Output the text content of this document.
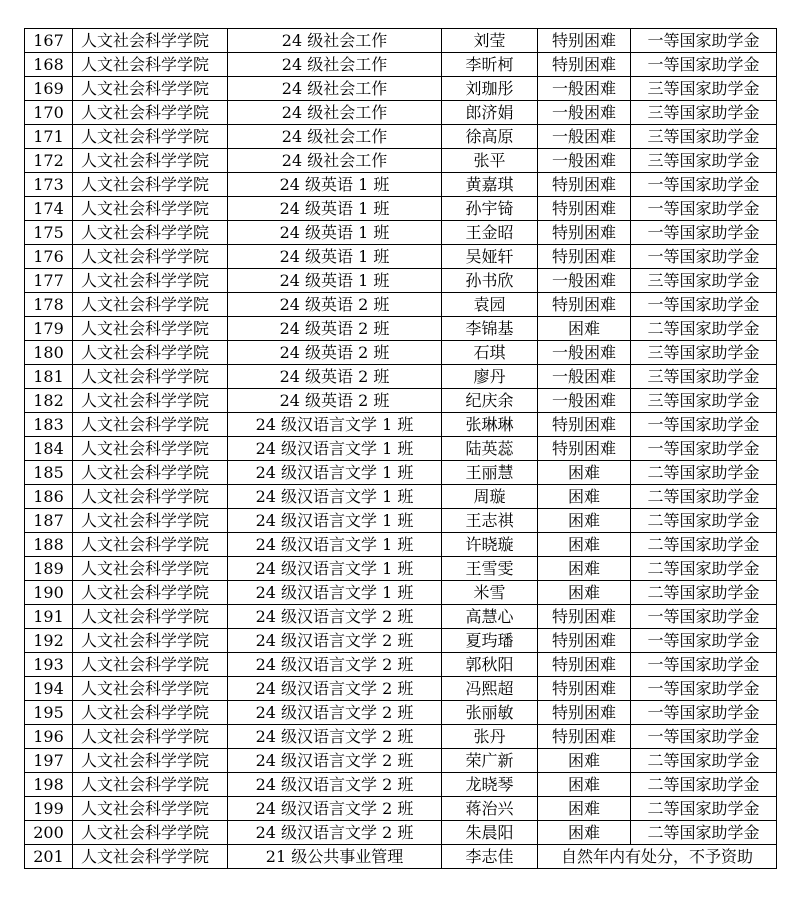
167	人文社会科学学院	24 级社会工作	刘莹	特别困难	一等国家助学金
168	人文社会科学学院	24 级社会工作	李昕柯	特别困难	一等国家助学金
169	人文社会科学学院	24 级社会工作	刘珈彤	一般困难	三等国家助学金
170	人文社会科学学院	24 级社会工作	郎济娟	一般困难	三等国家助学金
171	人文社会科学学院	24 级社会工作	徐高原	一般困难	三等国家助学金
172	人文社会科学学院	24 级社会工作	张平	一般困难	三等国家助学金
173	人文社会科学学院	24 级英语 1 班	黄嘉琪	特别困难	一等国家助学金
174	人文社会科学学院	24 级英语 1 班	孙宇锜	特别困难	一等国家助学金
175	人文社会科学学院	24 级英语 1 班	王金昭	特别困难	一等国家助学金
176	人文社会科学学院	24 级英语 1 班	吴娅轩	特别困难	一等国家助学金
177	人文社会科学学院	24 级英语 1 班	孙书欣	一般困难	三等国家助学金
178	人文社会科学学院	24 级英语 2 班	袁园	特别困难	一等国家助学金
179	人文社会科学学院	24 级英语 2 班	李锦基	困难	二等国家助学金
180	人文社会科学学院	24 级英语 2 班	石琪	一般困难	三等国家助学金
181	人文社会科学学院	24 级英语 2 班	廖丹	一般困难	三等国家助学金
182	人文社会科学学院	24 级英语 2 班	纪庆余	一般困难	三等国家助学金
183	人文社会科学学院	24 级汉语言文学 1 班	张琳琳	特别困难	一等国家助学金
184	人文社会科学学院	24 级汉语言文学 1 班	陆英蕊	特别困难	一等国家助学金
185	人文社会科学学院	24 级汉语言文学 1 班	王丽慧	困难	二等国家助学金
186	人文社会科学学院	24 级汉语言文学 1 班	周璇	困难	二等国家助学金
187	人文社会科学学院	24 级汉语言文学 1 班	王志祺	困难	二等国家助学金
188	人文社会科学学院	24 级汉语言文学 1 班	许晓璇	困难	二等国家助学金
189	人文社会科学学院	24 级汉语言文学 1 班	王雪雯	困难	二等国家助学金
190	人文社会科学学院	24 级汉语言文学 1 班	米雪	困难	二等国家助学金
191	人文社会科学学院	24 级汉语言文学 2 班	高慧心	特别困难	一等国家助学金
192	人文社会科学学院	24 级汉语言文学 2 班	夏玙璠	特别困难	一等国家助学金
193	人文社会科学学院	24 级汉语言文学 2 班	郭秋阳	特别困难	一等国家助学金
194	人文社会科学学院	24 级汉语言文学 2 班	冯熙超	特别困难	一等国家助学金
195	人文社会科学学院	24 级汉语言文学 2 班	张丽敏	特别困难	一等国家助学金
196	人文社会科学学院	24 级汉语言文学 2 班	张丹	特别困难	一等国家助学金
197	人文社会科学学院	24 级汉语言文学 2 班	荣广新	困难	二等国家助学金
198	人文社会科学学院	24 级汉语言文学 2 班	龙晓琴	困难	二等国家助学金
199	人文社会科学学院	24 级汉语言文学 2 班	蒋治兴	困难	二等国家助学金
200	人文社会科学学院	24 级汉语言文学 2 班	朱晨阳	困难	二等国家助学金
201	人文社会科学学院	21 级公共事业管理	李志佳	自然年内有处分，不予资助	
